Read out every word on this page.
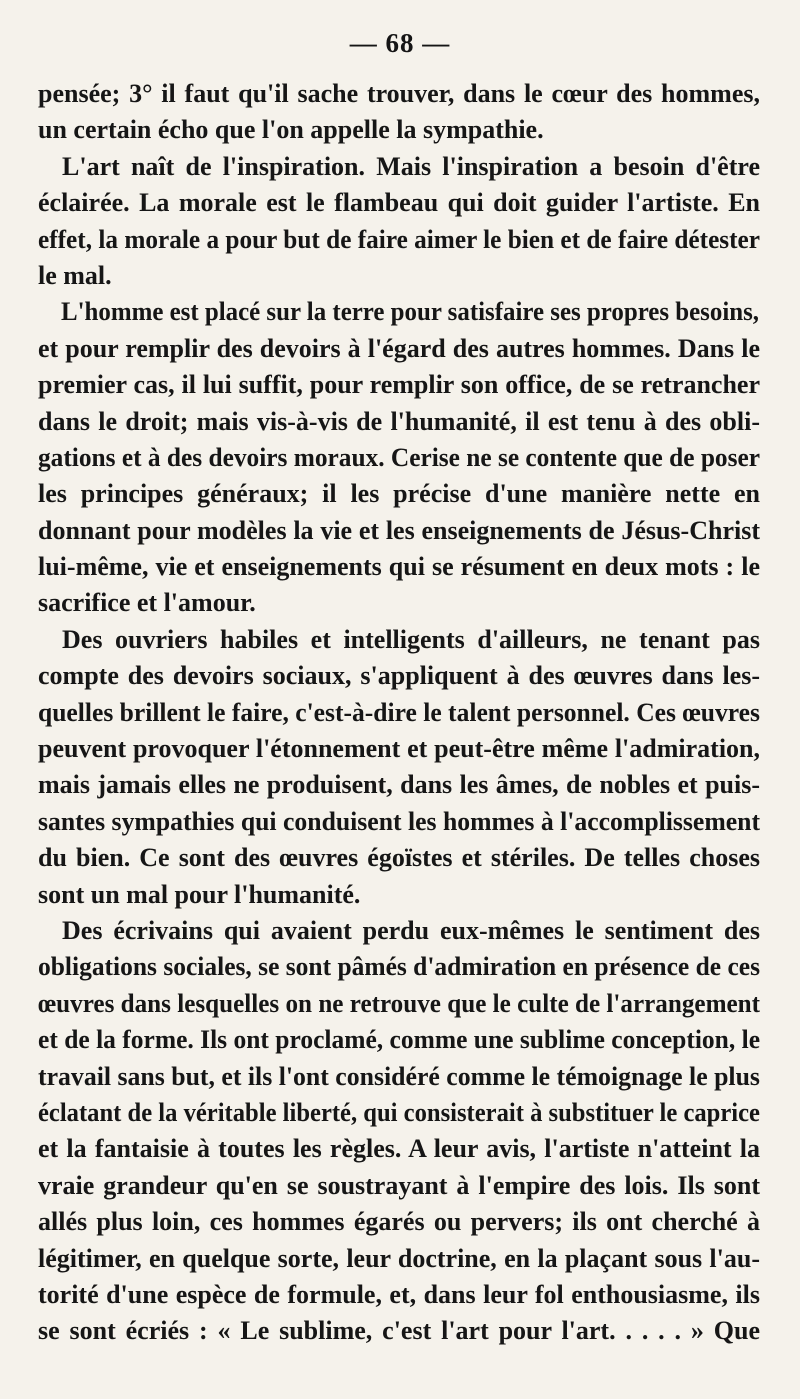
— 68 —
pensée; 3° il faut qu'il sache trouver, dans le cœur des hommes,
un certain écho que l'on appelle la sympathie.
L'art naît de l'inspiration. Mais l'inspiration a besoin d'être
éclairée. La morale est le flambeau qui doit guider l'artiste. En
effet, la morale a pour but de faire aimer le bien et de faire détester
le mal.
L'homme est placé sur la terre pour satisfaire ses propres besoins,
et pour remplir des devoirs à l'égard des autres hommes. Dans le
premier cas, il lui suffit, pour remplir son office, de se retrancher
dans le droit; mais vis-à-vis de l'humanité, il est tenu à des obli-
gations et à des devoirs moraux. Cerise ne se contente que de poser
les principes généraux; il les précise d'une manière nette en
donnant pour modèles la vie et les enseignements de Jésus-Christ
lui-même, vie et enseignements qui se résument en deux mots : le
sacrifice et l'amour.
Des ouvriers habiles et intelligents d'ailleurs, ne tenant pas
compte des devoirs sociaux, s'appliquent à des œuvres dans les-
quelles brillent le faire, c'est-à-dire le talent personnel. Ces œuvres
peuvent provoquer l'étonnement et peut-être même l'admiration,
mais jamais elles ne produisent, dans les âmes, de nobles et puis-
santes sympathies qui conduisent les hommes à l'accomplissement
du bien. Ce sont des œuvres égoïstes et stériles. De telles choses
sont un mal pour l'humanité.
Des écrivains qui avaient perdu eux-mêmes le sentiment des
obligations sociales, se sont pâmés d'admiration en présence de ces
œuvres dans lesquelles on ne retrouve que le culte de l'arrangement
et de la forme. Ils ont proclamé, comme une sublime conception, le
travail sans but, et ils l'ont considéré comme le témoignage le plus
éclatant de la véritable liberté, qui consisterait à substituer le caprice
et la fantaisie à toutes les règles. A leur avis, l'artiste n'atteint la
vraie grandeur qu'en se soustrayant à l'empire des lois. Ils sont
allés plus loin, ces hommes égarés ou pervers; ils ont cherché à
légitimer, en quelque sorte, leur doctrine, en la plaçant sous l'au-
torité d'une espèce de formule, et, dans leur fol enthousiasme, ils
se sont écriés : « Le sublime, c'est l'art pour l'art. . . . . » Que
